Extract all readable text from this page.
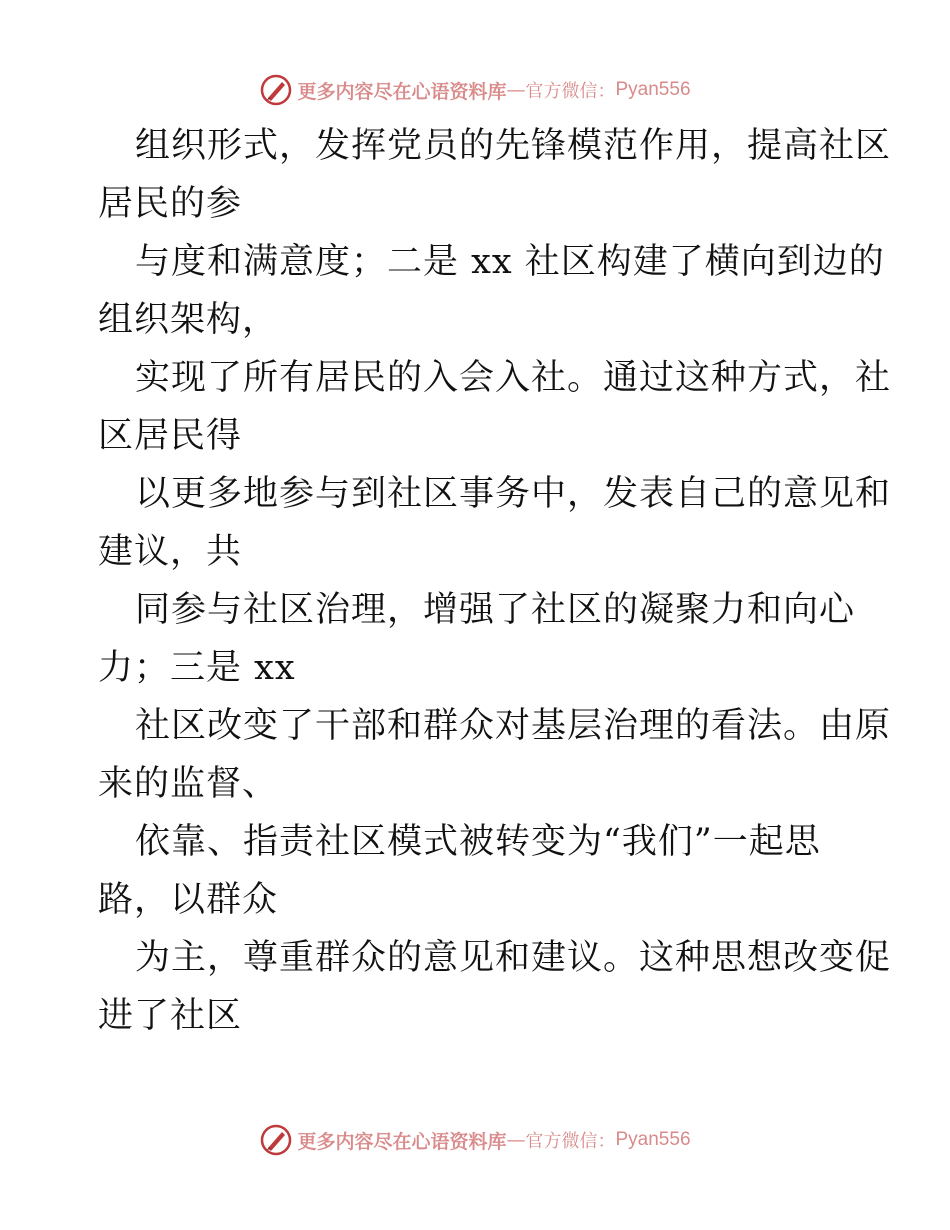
更多内容尽在心语资料库 — 官方微信： Pyan556
组织形式，发挥党员的先锋模范作用，提高社区
居民的参
与度和满意度；二是 xx 社区构建了横向到边的
组织架构，
实现了所有居民的入会入社。通过这种方式，社
区居民得
以更多地参与到社区事务中，发表自己的意见和
建议，共
同参与社区治理，增强了社区的凝聚力和向心
力；三是 xx
社区改变了干部和群众对基层治理的看法。由原
来的监督、
依靠、指责社区模式被转变为“我们”一起思
路，以群众
为主，尊重群众的意见和建议。这种思想改变促
进了社区
更多内容尽在心语资料库 — 官方微信： Pyan556
